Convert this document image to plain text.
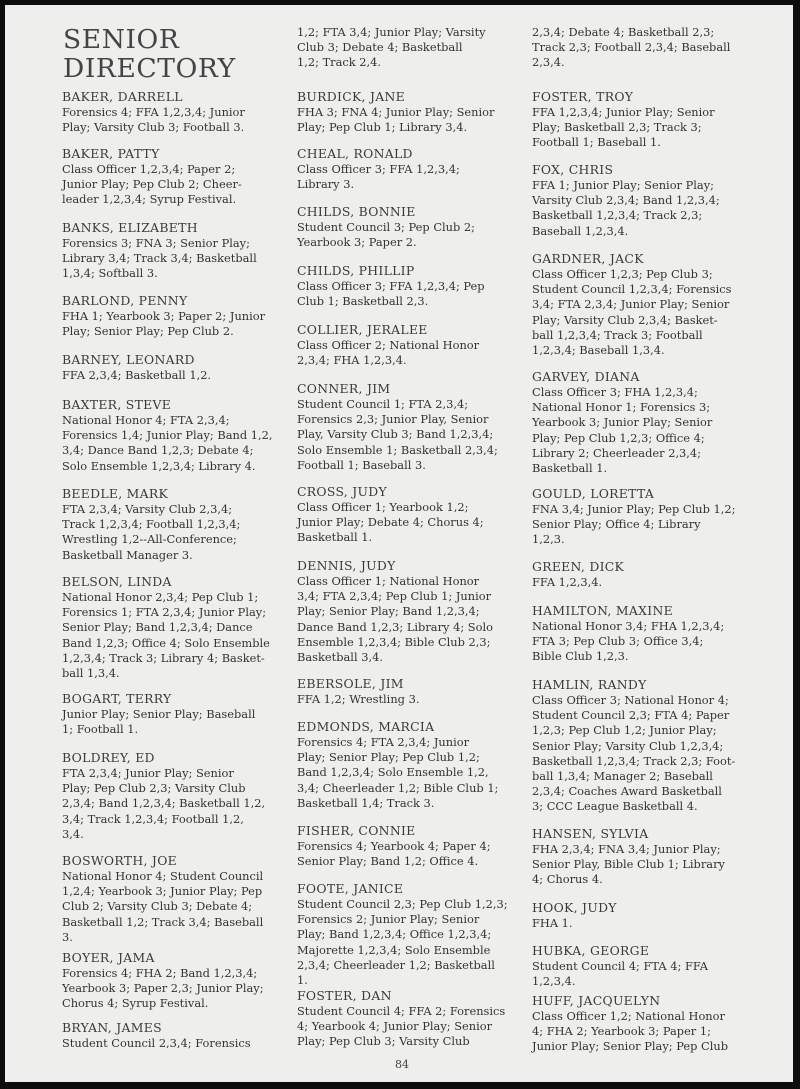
SENIOR
DIRECTORY
BAKER, DARRELL
Forensics 4; FFA 1,2,3,4; Junior
Play; Varsity Club 3; Football 3.
BAKER, PATTY
Class Officer 1,2,3,4; Paper 2;
Junior Play; Pep Club 2; Cheer-
leader 1,2,3,4; Syrup Festival.
BANKS, ELIZABETH
Forensics 3; FNA 3; Senior Play;
Library 3,4; Track 3,4; Basketball
1,3,4; Softball 3.
BARLOND, PENNY
FHA 1; Yearbook 3; Paper 2; Junior
Play; Senior Play; Pep Club 2.
BARNEY, LEONARD
FFA 2,3,4; Basketball 1,2.
BAXTER, STEVE
National Honor 4; FTA 2,3,4;
Forensics 1,4; Junior Play; Band 1,2,
3,4; Dance Band 1,2,3; Debate 4;
Solo Ensemble 1,2,3,4; Library 4.
BEEDLE, MARK
FTA 2,3,4; Varsity Club 2,3,4;
Track 1,2,3,4; Football 1,2,3,4;
Wrestling 1,2--All-Conference;
Basketball Manager 3.
BELSON, LINDA
National Honor 2,3,4; Pep Club 1;
Forensics 1; FTA 2,3,4; Junior Play;
Senior Play; Band 1,2,3,4; Dance
Band 1,2,3; Office 4; Solo Ensemble
1,2,3,4; Track 3; Library 4; Basket-
ball 1,3,4.
BOGART, TERRY
Junior Play; Senior Play; Baseball
1; Football 1.
BOLDREY, ED
FTA 2,3,4; Junior Play; Senior
Play; Pep Club 2,3; Varsity Club
2,3,4; Band 1,2,3,4; Basketball 1,2,
3,4; Track 1,2,3,4; Football 1,2,
3,4.
BOSWORTH, JOE
National Honor 4; Student Council
1,2,4; Yearbook 3; Junior Play; Pep
Club 2; Varsity Club 3; Debate 4;
Basketball 1,2; Track 3,4; Baseball
3.
BOYER, JAMA
Forensics 4; FHA 2; Band 1,2,3,4;
Yearbook 3; Paper 2,3; Junior Play;
Chorus 4; Syrup Festival.
BRYAN, JAMES
Student Council 2,3,4; Forensics
1,2; FTA 3,4; Junior Play; Varsity
Club 3; Debate 4; Basketball
1,2; Track 2,4.
BURDICK, JANE
FHA 3; FNA 4; Junior Play; Senior
Play; Pep Club 1; Library 3,4.
CHEAL, RONALD
Class Officer 3; FFA 1,2,3,4;
Library 3.
CHILDS, BONNIE
Student Council 3; Pep Club 2;
Yearbook 3; Paper 2.
CHILDS, PHILLIP
Class Officer 3; FFA 1,2,3,4; Pep
Club 1; Basketball 2,3.
COLLIER, JERALEE
Class Officer 2; National Honor
2,3,4; FHA 1,2,3,4.
CONNER, JIM
Student Council 1; FTA 2,3,4;
Forensics 2,3; Junior Play, Senior
Play, Varsity Club 3; Band 1,2,3,4;
Solo Ensemble 1; Basketball 2,3,4;
Football 1; Baseball 3.
CROSS, JUDY
Class Officer 1; Yearbook 1,2;
Junior Play; Debate 4; Chorus 4;
Basketball 1.
DENNIS, JUDY
Class Officer 1; National Honor
3,4; FTA 2,3,4; Pep Club 1; Junior
Play; Senior Play; Band 1,2,3,4;
Dance Band 1,2,3; Library 4; Solo
Ensemble 1,2,3,4; Bible Club 2,3;
Basketball 3,4.
EBERSOLE, JIM
FFA 1,2; Wrestling 3.
EDMONDS, MARCIA
Forensics 4; FTA 2,3,4; Junior
Play; Senior Play; Pep Club 1,2;
Band 1,2,3,4; Solo Ensemble 1,2,
3,4; Cheerleader 1,2; Bible Club 1;
Basketball 1,4; Track 3.
FISHER, CONNIE
Forensics 4; Yearbook 4; Paper 4;
Senior Play; Band 1,2; Office 4.
FOOTE, JANICE
Student Council 2,3; Pep Club 1,2,3;
Forensics 2; Junior Play; Senior
Play; Band 1,2,3,4; Office 1,2,3,4;
Majorette 1,2,3,4; Solo Ensemble
2,3,4; Cheerleader 1,2; Basketball
1.
FOSTER, DAN
Student Council 4; FFA 2; Forensics
4; Yearbook 4; Junior Play; Senior
Play; Pep Club 3; Varsity Club
2,3,4; Debate 4; Basketball 2,3;
Track 2,3; Football 2,3,4; Baseball
2,3,4.
FOSTER, TROY
FFA 1,2,3,4; Junior Play; Senior
Play; Basketball 2,3; Track 3;
Football 1; Baseball 1.
FOX, CHRIS
FFA 1; Junior Play; Senior Play;
Varsity Club 2,3,4; Band 1,2,3,4;
Basketball 1,2,3,4; Track 2,3;
Baseball 1,2,3,4.
GARDNER, JACK
Class Officer 1,2,3; Pep Club 3;
Student Council 1,2,3,4; Forensics
3,4; FTA 2,3,4; Junior Play; Senior
Play; Varsity Club 2,3,4; Basket-
ball 1,2,3,4; Track 3; Football
1,2,3,4; Baseball 1,3,4.
GARVEY, DIANA
Class Officer 3; FHA 1,2,3,4;
National Honor 1; Forensics 3;
Yearbook 3; Junior Play; Senior
Play; Pep Club 1,2,3; Office 4;
Library 2; Cheerleader 2,3,4;
Basketball 1.
GOULD, LORETTA
FNA 3,4; Junior Play; Pep Club 1,2;
Senior Play; Office 4; Library
1,2,3.
GREEN, DICK
FFA 1,2,3,4.
HAMILTON, MAXINE
National Honor 3,4; FHA 1,2,3,4;
FTA 3; Pep Club 3; Office 3,4;
Bible Club 1,2,3.
HAMLIN, RANDY
Class Officer 3; National Honor 4;
Student Council 2,3; FTA 4; Paper
1,2,3; Pep Club 1,2; Junior Play;
Senior Play; Varsity Club 1,2,3,4;
Basketball 1,2,3,4; Track 2,3; Foot-
ball 1,3,4; Manager 2; Baseball
2,3,4; Coaches Award Basketball
3; CCC League Basketball 4.
HANSEN, SYLVIA
FHA 2,3,4; FNA 3,4; Junior Play;
Senior Play, Bible Club 1; Library
4; Chorus 4.
HOOK, JUDY
FHA 1.
HUBKA, GEORGE
Student Council 4; FTA 4; FFA
1,2,3,4.
HUFF, JACQUELYN
Class Officer 1,2; National Honor
4; FHA 2; Yearbook 3; Paper 1;
Junior Play; Senior Play; Pep Club
84
